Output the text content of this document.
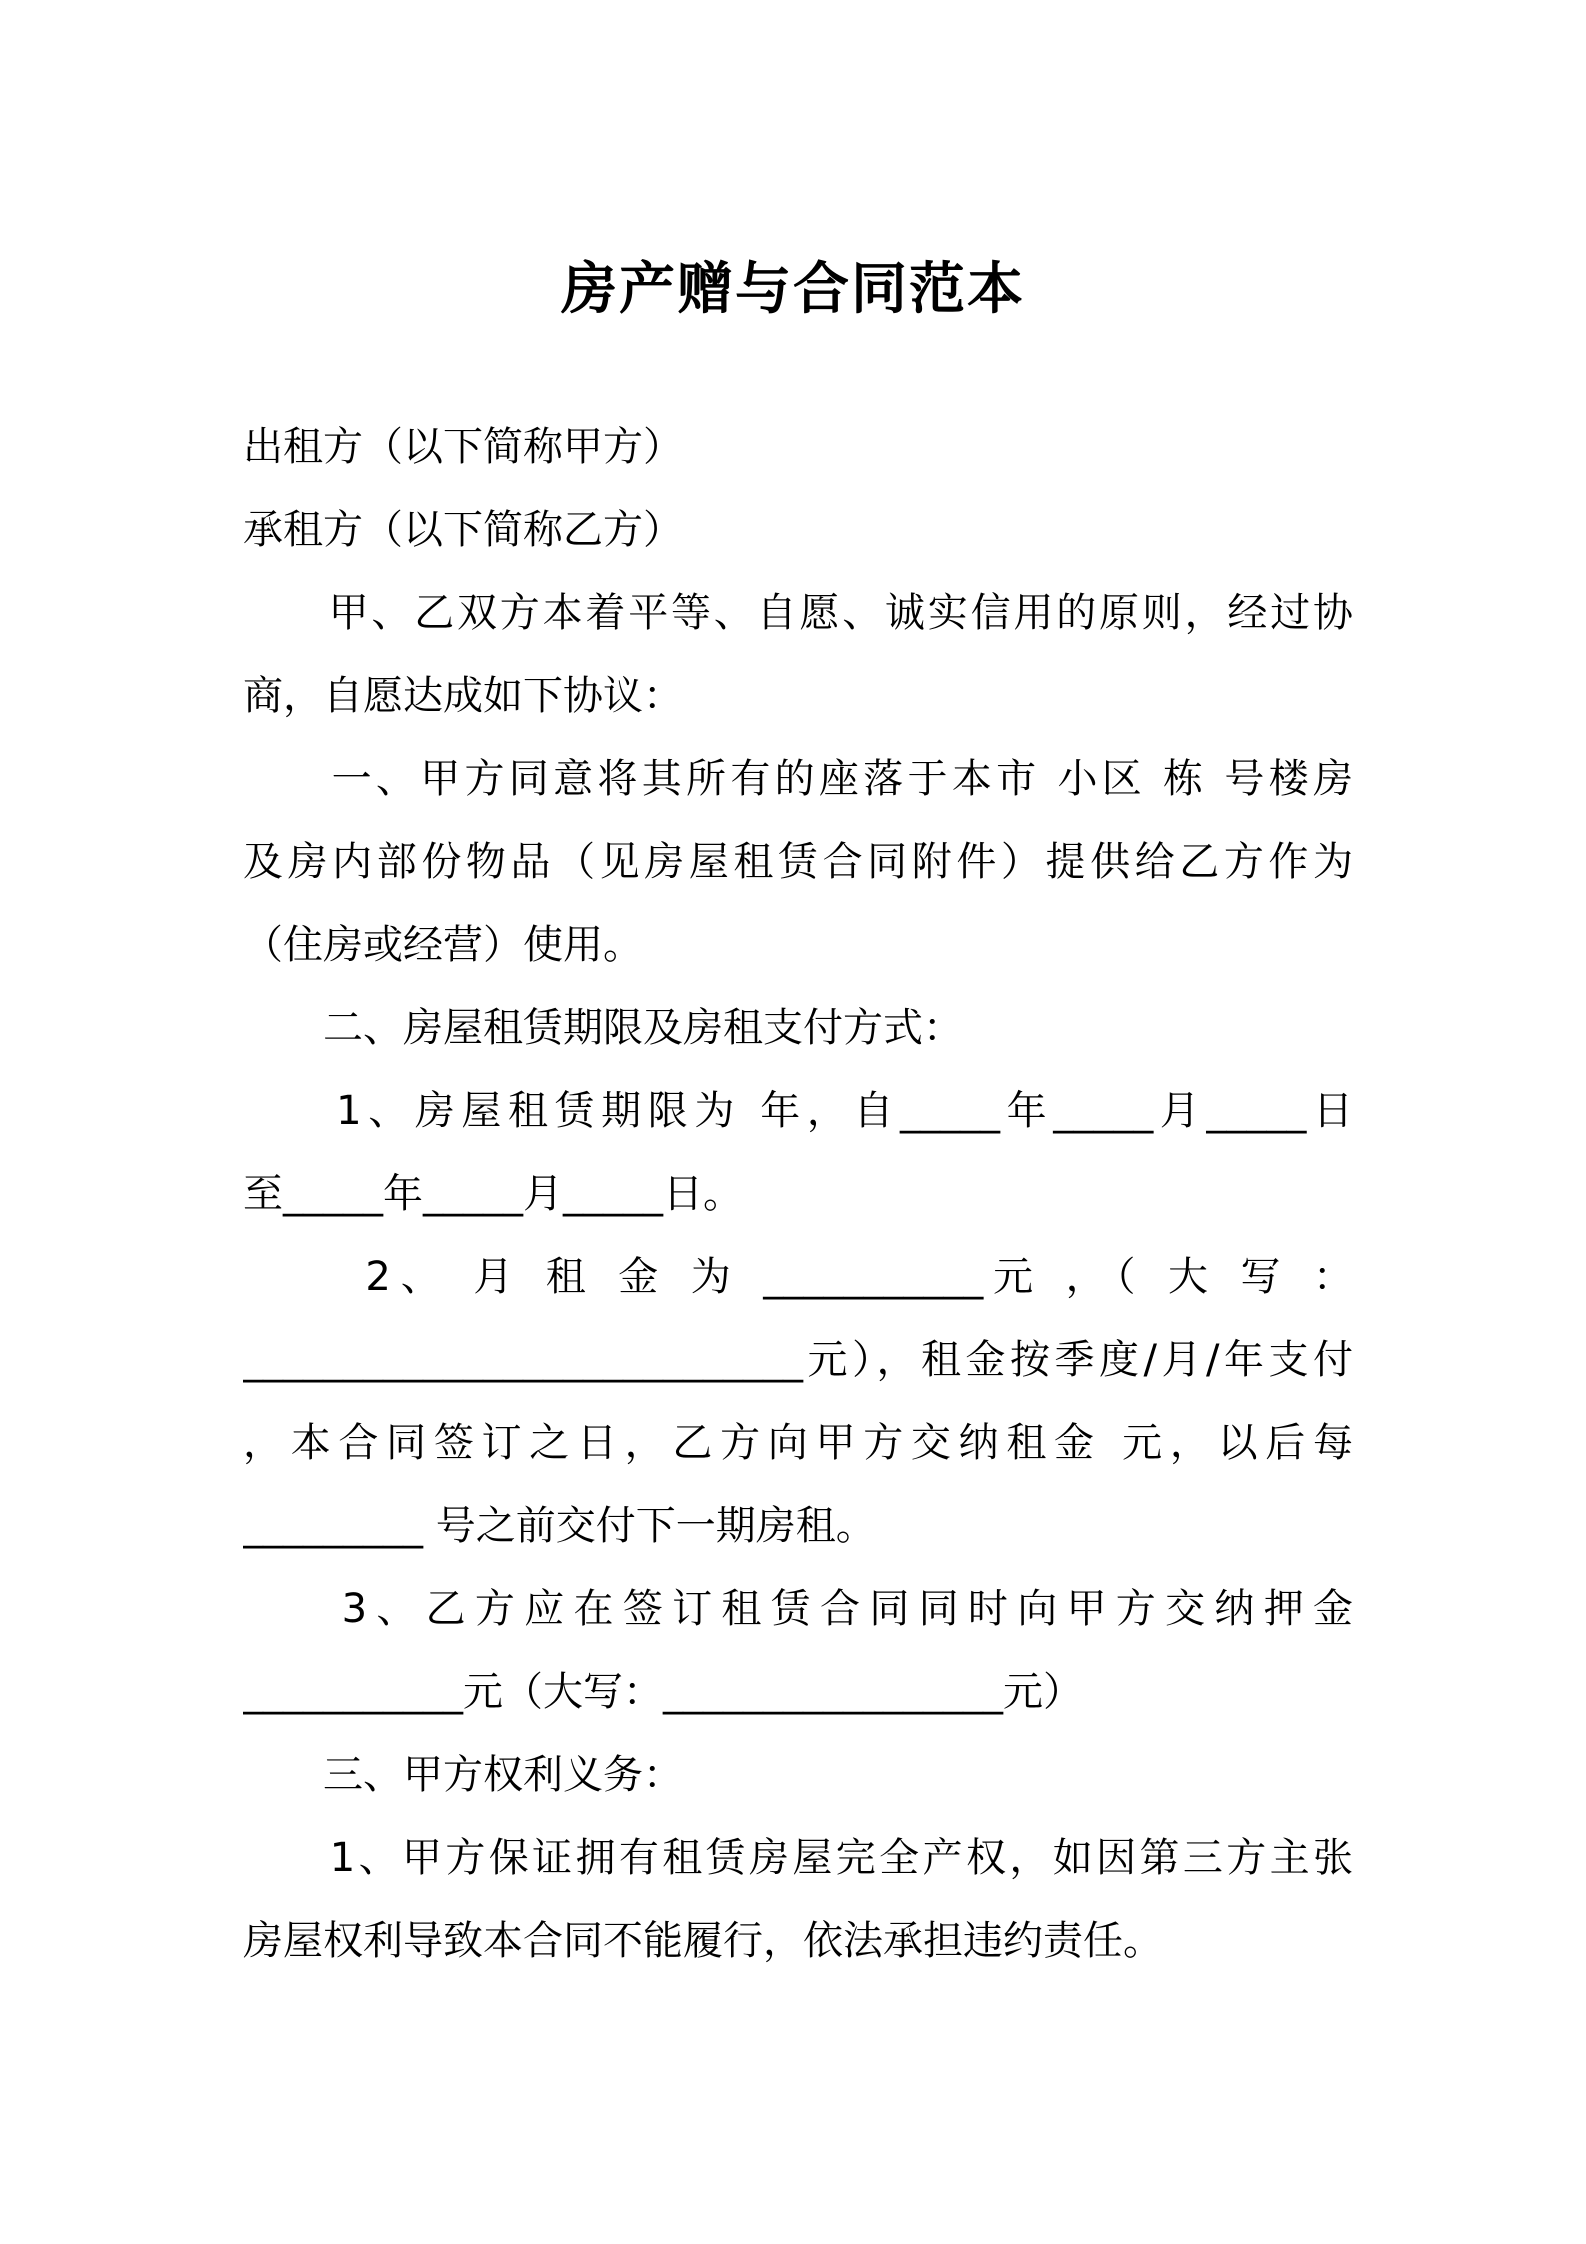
房产赠与合同范本
出租方（以下简称甲方）
承租方（以下简称乙方）
　　甲、乙双方本着平等、自愿、诚实信用的原则，经过协
商，自愿达成如下协议：
　　一、甲方同意将其所有的座落于本市 小区 栋 号楼房
及房内部份物品（见房屋租赁合同附件）提供给乙方作为
（住房或经营）使用。
　　二、房屋租赁期限及房租支付方式：
　　1、房屋租赁期限为 年，自_____年_____月_____日
至_____年_____月_____日。
　　 2、 月 租 金 为 ___________元 ，（ 大 写 ：
____________________________元），租金按季度/月/年支付
，本合同签订之日，乙方向甲方交纳租金 元，以后每
_________ 号之前交付下一期房租。
　　3、乙方应在签订租赁合同同时向甲方交纳押金
___________元（大写：_________________元）
　　三、甲方权利义务：
　　1、甲方保证拥有租赁房屋完全产权，如因第三方主张
房屋权利导致本合同不能履行，依法承担违约责任。
